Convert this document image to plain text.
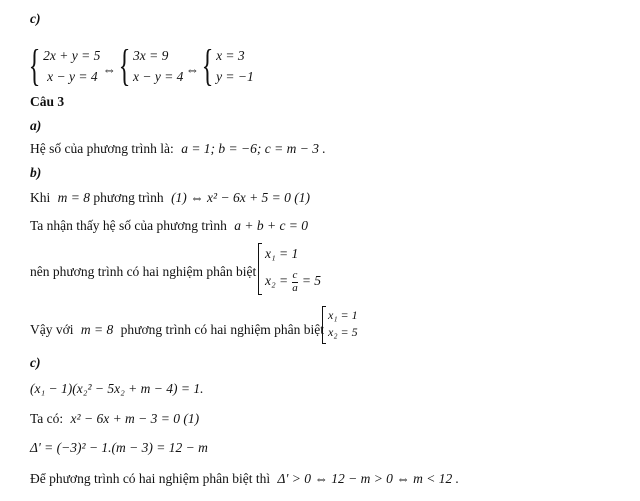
c)
{ 2x + y = 5
x − y = 4 ⇔ { 3x = 9
x − y = 4 ⇔ { x = 3
y = −1
Câu 3
a)
Hệ số của phương trình là: a = 1; b = −6; c = m − 3 .
b)
Khi m = 8 phương trình (1) ⇔ x² − 6x + 5 = 0 (1)
Ta nhận thấy hệ số của phương trình a + b + c = 0
nên phương trình có hai nghiệm phân biệt
x₁ = 1
$x_2 = \frac{c}{a} = 5$
Vậy với m = 8 phương trình có hai nghiệm phân biệt
x₁ = 1
x₂ = 5
c)
(x₁ − 1)(x₂² − 5x₂ + m − 4) = 1.
Ta có: x² − 6x + m − 3 = 0 (1)
Δ' = (−3)² − 1.(m − 3) = 12 − m
Để phương trình có hai nghiệm phân biệt thì Δ' > 0 ⇔ 12 − m > 0 ⇔ m < 12 .
